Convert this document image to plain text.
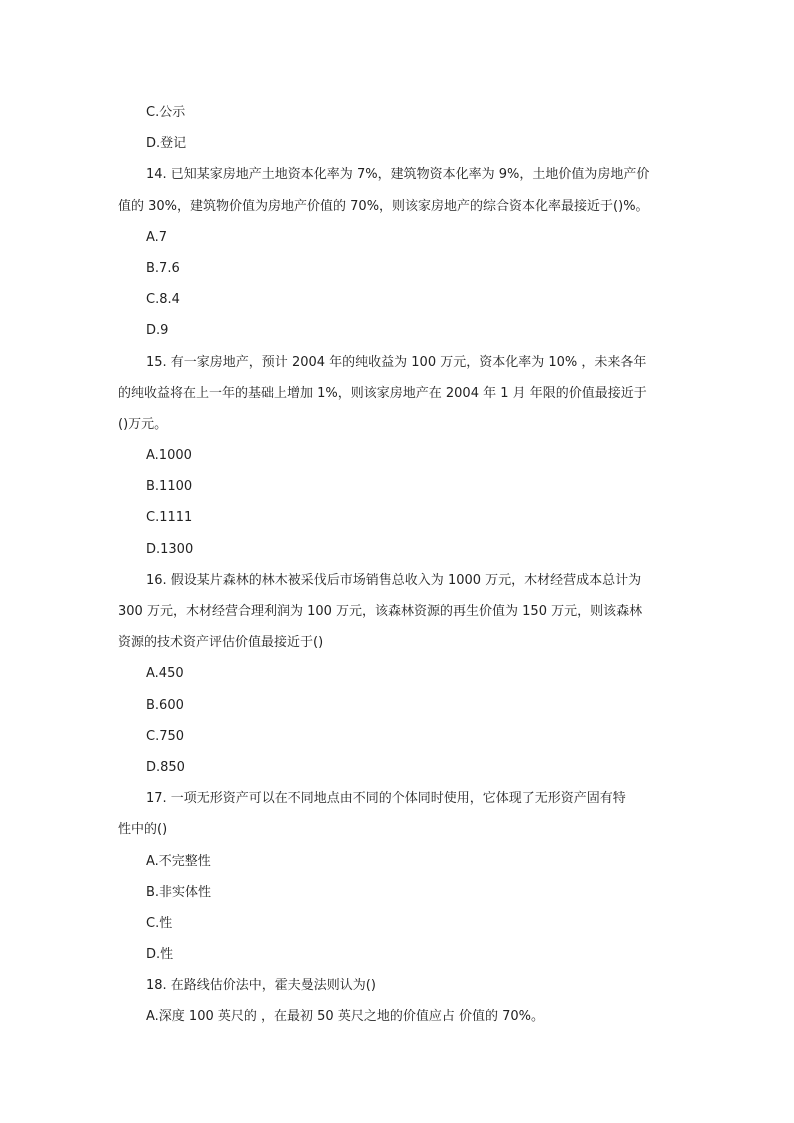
C.公示
D.登记
14. 已知某家房地产土地资本化率为 7%，建筑物资本化率为 9%，土地价值为房地产价
值的 30%，建筑物价值为房地产价值的 70%，则该家房地产的综合资本化率最接近于()%。
A.7
B.7.6
C.8.4
D.9
15. 有一家房地产，预计 2004 年的纯收益为 100 万元，资本化率为 10% ，未来各年
的纯收益将在上一年的基础上增加 1%，则该家房地产在 2004 年 1 月 年限的价值最接近于
()万元。
A.1000
B.1100
C.1111
D.1300
16. 假设某片森林的林木被采伐后市场销售总收入为 1000 万元，木材经营成本总计为
300 万元，木材经营合理利润为 100 万元，该森林资源的再生价值为 150 万元，则该森林
资源的技术资产评估价值最接近于()
A.450
B.600
C.750
D.850
17. 一项无形资产可以在不同地点由不同的个体同时使用，它体现了无形资产固有特
性中的()
A.不完整性
B.非实体性
C.性
D.性
18. 在路线估价法中，霍夫曼法则认为()
A.深度 100 英尺的 ，在最初 50 英尺之地的价值应占 价值的 70%。
